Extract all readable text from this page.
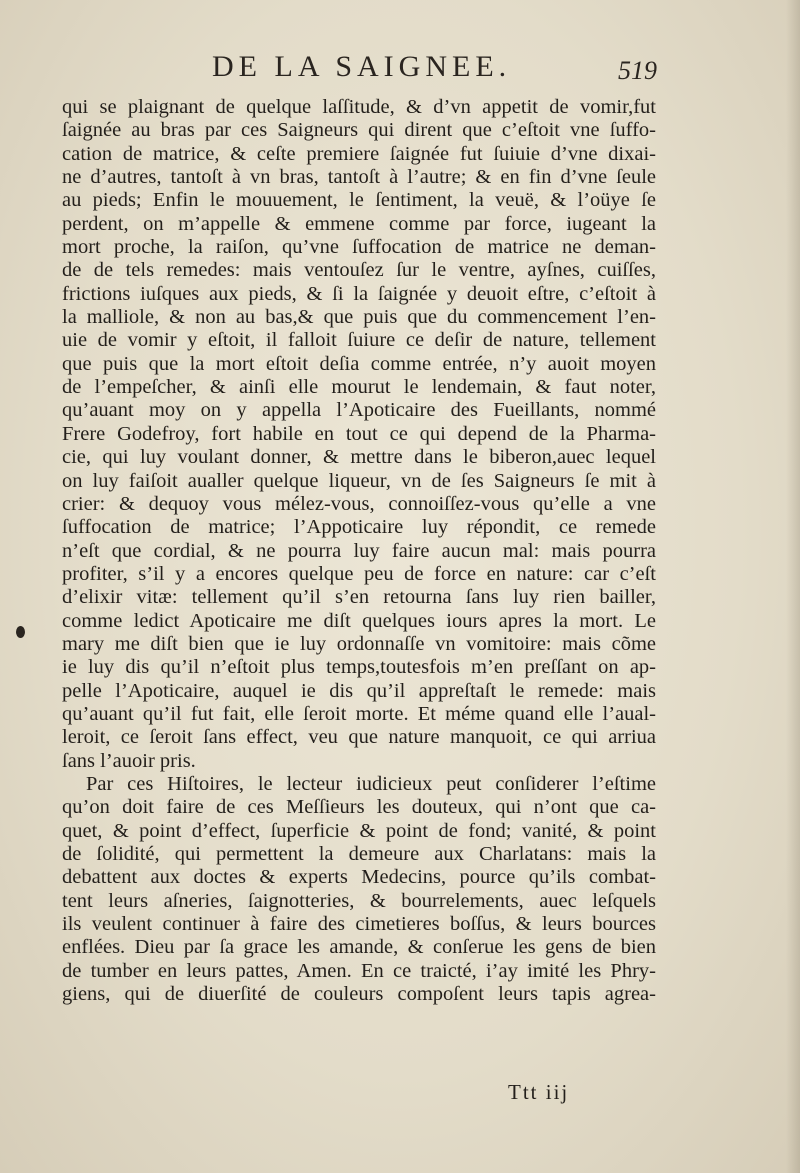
DE LA SAIGNEE.	519
qui se plaignant de quelque laſſitude, & d’vn appetit de vomir,fut
ſaignée au bras par ces Saigneurs qui dirent que c’eſtoit vne ſuffo-
cation de matrice, & ceſte premiere ſaignée fut ſuiuie d’vne dixai-
ne d’autres, tantoſt à vn bras, tantoſt à l’autre; & en fin d’vne ſeule
au pieds; Enfin le mouuement, le ſentiment, la veuë, & l’oüye ſe
perdent, on m’appelle & emmene comme par force, iugeant la
mort proche, la raiſon, qu’vne ſuffocation de matrice ne deman-
de de tels remedes: mais ventouſez ſur le ventre, ayſnes, cuiſſes,
frictions iuſques aux pieds, & ſi la ſaignée y deuoit eſtre, c’eſtoit à
la malliole, & non au bas,& que puis que du commencement l’en-
uie de vomir y eſtoit, il falloit ſuiure ce deſir de nature, tellement
que puis que la mort eſtoit deſia comme entrée, n’y auoit moyen
de l’empeſcher, & ainſi elle mourut le lendemain, & faut noter,
qu’auant moy on y appella l’Apoticaire des Fueillants, nommé
Frere Godefroy, fort habile en tout ce qui depend de la Pharma-
cie, qui luy voulant donner, & mettre dans le biberon,auec lequel
on luy faiſoit aualler quelque liqueur, vn de ſes Saigneurs ſe mit à
crier: & dequoy vous mélez-vous, connoiſſez-vous qu’elle a vne
ſuffocation de matrice; l’Appoticaire luy répondit, ce remede
n’eſt que cordial, & ne pourra luy faire aucun mal: mais pourra
profiter, s’il y a encores quelque peu de force en nature: car c’eſt
d’elixir vitæ: tellement qu’il s’en retourna ſans luy rien bailler,
comme ledict Apoticaire me diſt quelques iours apres la mort. Le
mary me diſt bien que ie luy ordonnaſſe vn vomitoire: mais cõme
ie luy dis qu’il n’eſtoit plus temps,toutesfois m’en preſſant on ap-
pelle l’Apoticaire, auquel ie dis qu’il appreſtaſt le remede: mais
qu’auant qu’il fut fait, elle ſeroit morte. Et méme quand elle l’aual-
leroit, ce ſeroit ſans effect, veu que nature manquoit, ce qui arriua
ſans l’auoir pris.
Par ces Hiſtoires, le lecteur iudicieux peut conſiderer l’eſtime
qu’on doit faire de ces Meſſieurs les douteux, qui n’ont que ca-
quet, & point d’effect, ſuperficie & point de fond; vanité, & point
de ſolidité, qui permettent la demeure aux Charlatans: mais la
debattent aux doctes & experts Medecins, pource qu’ils combat-
tent leurs aſneries, ſaignotteries, & bourrelements, auec leſquels
ils veulent continuer à faire des cimetieres boſſus, & leurs bources
enflées. Dieu par ſa grace les amande, & conſerue les gens de bien
de tumber en leurs pattes, Amen. En ce traicté, i’ay imité les Phry-
giens, qui de diuerſité de couleurs compoſent leurs tapis agrea-
Ttt iij
